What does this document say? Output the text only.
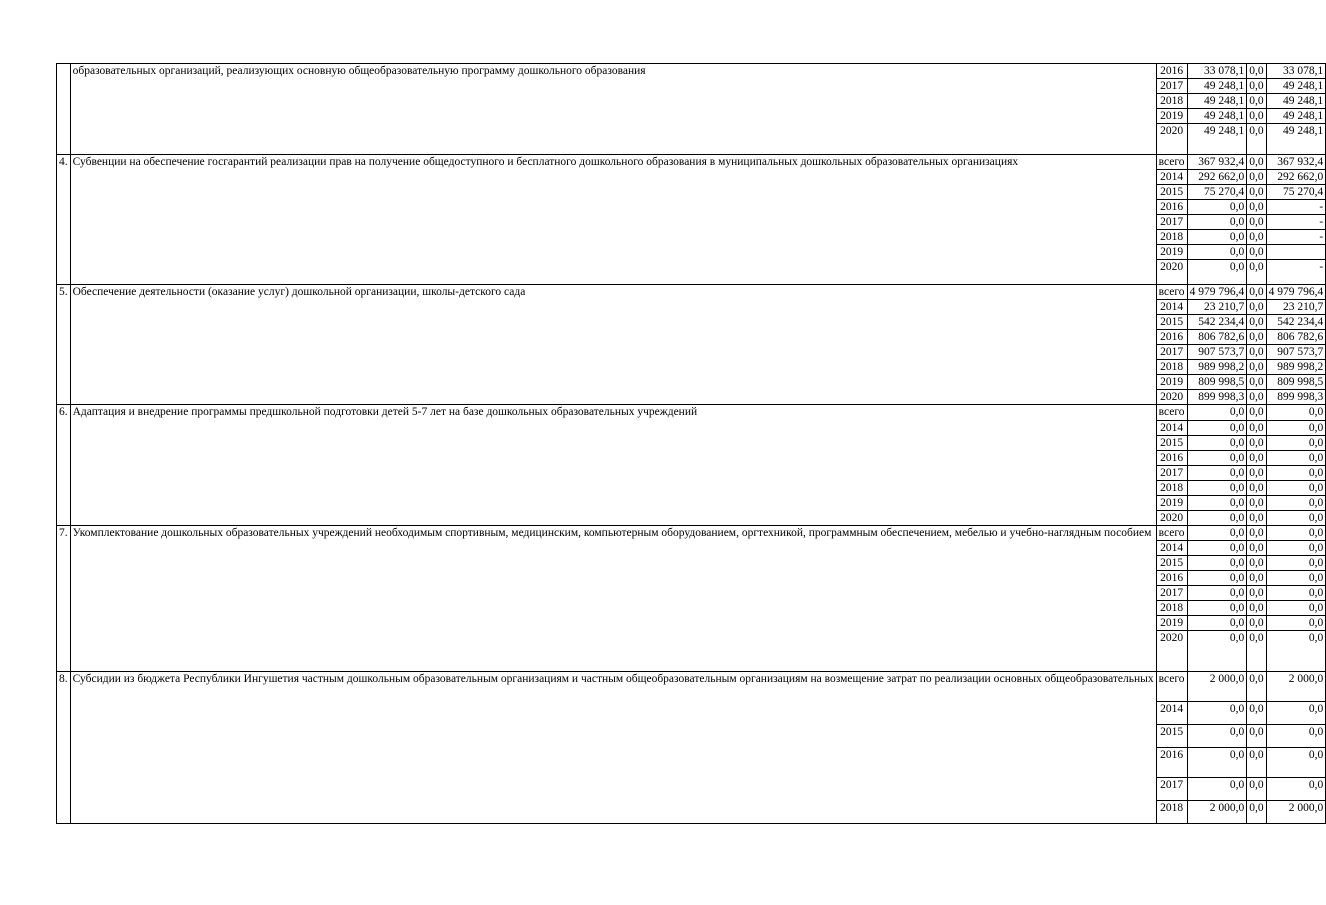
	образовательных организаций, реализующих основную общеобразовательную программу дошкольного образования	2016	33 078,1	0,0	33 078,1
		2017	49 248,1	0,0	49 248,1
		2018	49 248,1	0,0	49 248,1
		2019	49 248,1	0,0	49 248,1
		2020	49 248,1	0,0	49 248,1
4.	Субвенции на обеспечение госгарантий реализации прав на получение общедоступного и бесплатного дошкольного образования в муниципальных дошкольных образовательных организациях	всего	367 932,4	0,0	367 932,4
		2014	292 662,0	0,0	292 662,0
		2015	75 270,4	0,0	75 270,4
		2016	0,0	0,0	-
		2017	0,0	0,0	-
		2018	0,0	0,0	-
		2019	0,0	0,0	
		2020	0,0	0,0	-
5.	Обеспечение деятельности (оказание услуг) дошкольной организации, школы-детского сада	всего	4 979 796,4	0,0	4 979 796,4
		2014	23 210,7	0,0	23 210,7
		2015	542 234,4	0,0	542 234,4
		2016	806 782,6	0,0	806 782,6
		2017	907 573,7	0,0	907 573,7
		2018	989 998,2	0,0	989 998,2
		2019	809 998,5	0,0	809 998,5
		2020	899 998,3	0,0	899 998,3
6.	Адаптация и внедрение программы предшкольной подготовки детей 5-7 лет на базе дошкольных образовательных учреждений	всего	0,0	0,0	0,0
		2014	0,0	0,0	0,0
		2015	0,0	0,0	0,0
		2016	0,0	0,0	0,0
		2017	0,0	0,0	0,0
		2018	0,0	0,0	0,0
		2019	0,0	0,0	0,0
		2020	0,0	0,0	0,0
7.	Укомплектование дошкольных образовательных учреждений необходимым спортивным, медицинским, компьютерным оборудованием, оргтехникой, программным обеспечением, мебелью и учебно-наглядным пособием	всего	0,0	0,0	0,0
		2014	0,0	0,0	0,0
		2015	0,0	0,0	0,0
		2016	0,0	0,0	0,0
		2017	0,0	0,0	0,0
		2018	0,0	0,0	0,0
		2019	0,0	0,0	0,0
		2020	0,0	0,0	0,0
8.	Субсидии из бюджета Республики Ингушетия частным дошкольным образовательным организациям и частным общеобразовательным организациям на возмещение затрат по реализации основных общеобразовательных	всего	2 000,0	0,0	2 000,0
		2014	0,0	0,0	0,0
		2015	0,0	0,0	0,0
		2016	0,0	0,0	0,0
		2017	0,0	0,0	0,0
		2018	2 000,0	0,0	2 000,0
